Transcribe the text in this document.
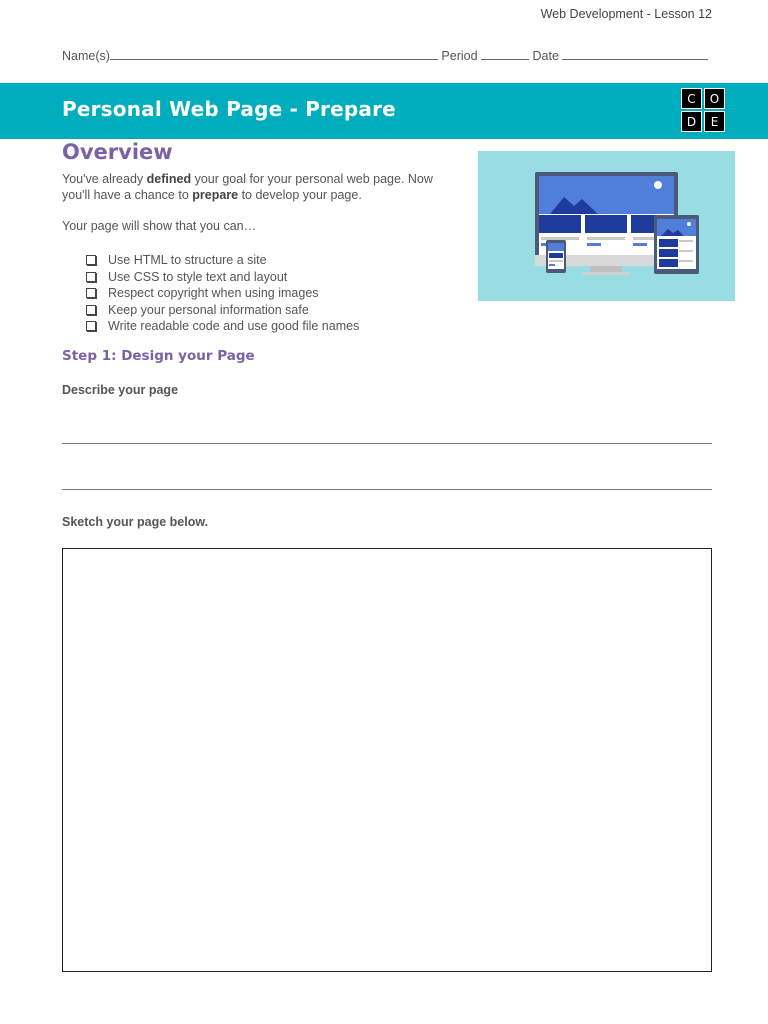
Web Development - Lesson 12
Name(s)	Period	Date
Personal Web Page - Prepare	C	O
D	E
Overview
You've already defined your goal for your personal web page. Now you'll have a chance to prepare to develop your page.
Your page will show that you can…
Use HTML to structure a site
Use CSS to style text and layout
Respect copyright when using images
Keep your personal information safe
Write readable code and use good file names
Step 1: Design your Page
Describe your page
Sketch your page below.
